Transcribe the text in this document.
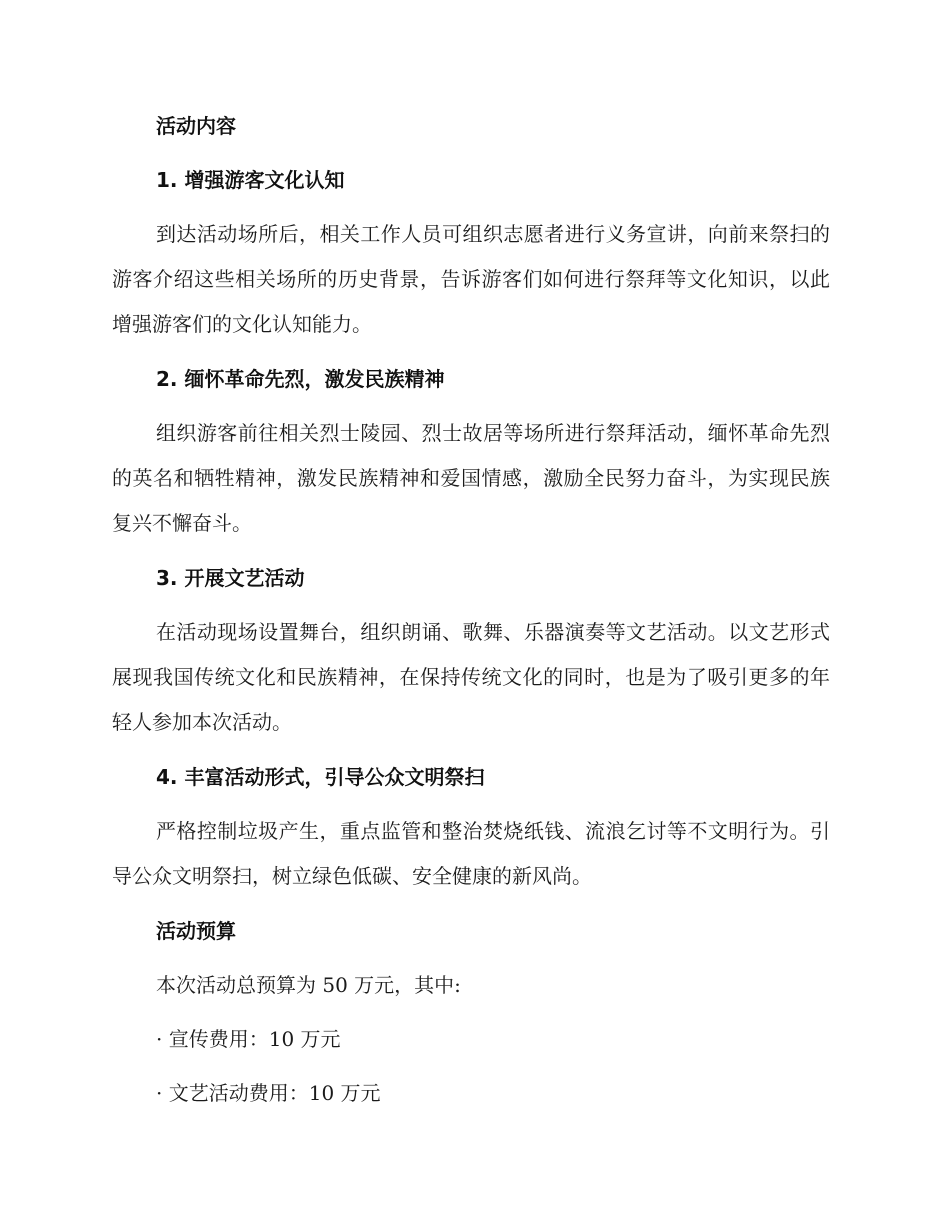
活动内容
1. 增强游客文化认知
到达活动场所后，相关工作人员可组织志愿者进行义务宣讲，向前来祭扫的游客介绍这些相关场所的历史背景，告诉游客们如何进行祭拜等文化知识，以此增强游客们的文化认知能力。
2. 缅怀革命先烈，激发民族精神
组织游客前往相关烈士陵园、烈士故居等场所进行祭拜活动，缅怀革命先烈的英名和牺牲精神，激发民族精神和爱国情感，激励全民努力奋斗，为实现民族复兴不懈奋斗。
3. 开展文艺活动
在活动现场设置舞台，组织朗诵、歌舞、乐器演奏等文艺活动。以文艺形式展现我国传统文化和民族精神，在保持传统文化的同时，也是为了吸引更多的年轻人参加本次活动。
4. 丰富活动形式，引导公众文明祭扫
严格控制垃圾产生，重点监管和整治焚烧纸钱、流浪乞讨等不文明行为。引导公众文明祭扫，树立绿色低碳、安全健康的新风尚。
活动预算
本次活动总预算为 50 万元，其中:
· 宣传费用：10 万元
· 文艺活动费用：10 万元
